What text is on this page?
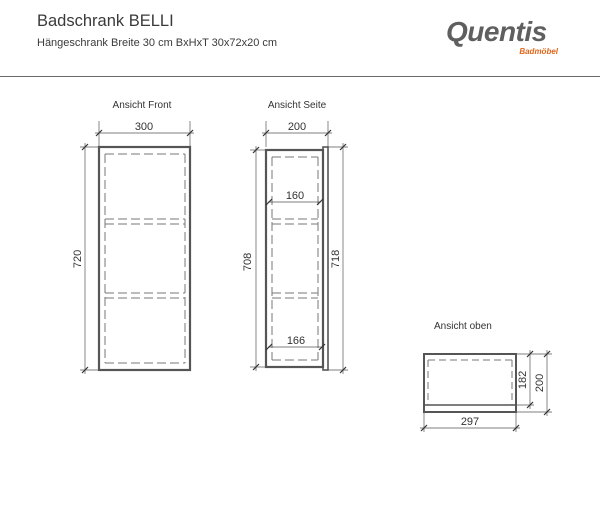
Badschrank BELLI
Hängeschrank Breite 30 cm BxHxT 30x72x20 cm	Quentis
Badmöbel
Ansicht Front
300
720
Ansicht Seite
200
708	718
160
166
Ansicht oben
297
182 200
